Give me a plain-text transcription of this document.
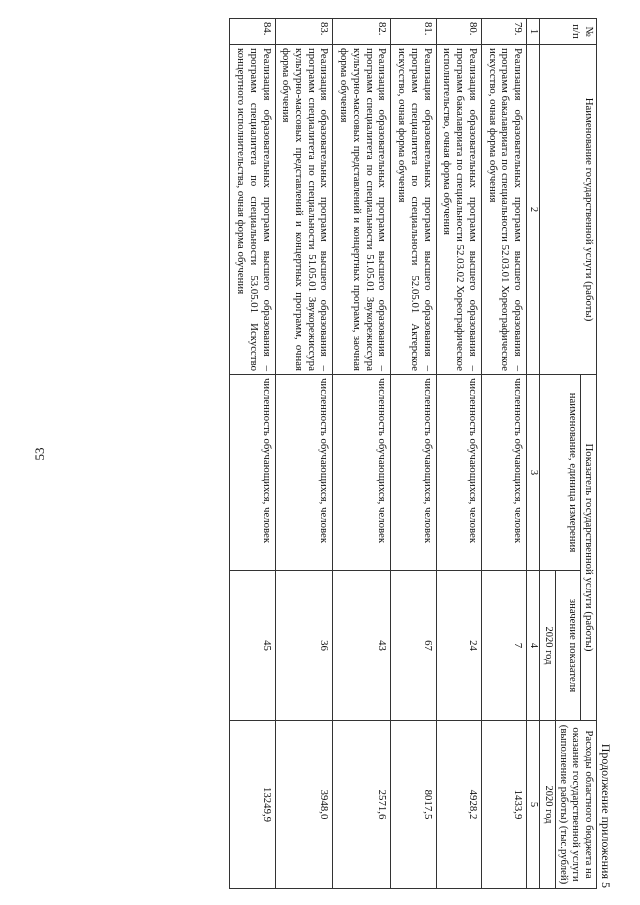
53
Продолжение приложения 5
№ п/п	Наименование государственной услуги (работы)	Показатель государственной услуги (работы)		Расходы областного бюджета на оказание государственной услуги (выполнение работы) (тыс.рублей)
		наименование, единица измерения	значение показателя	
			2020 год	2020 год
1	2	3	4	5
79.	Реализация образовательных программ высшего образования – программ бакалавриата по специальности 52.03.01 Хореографическое искусство, очная форма обучения	численность обучающихся, человек	7	1433,9
80.	Реализация образовательных программ высшего образования – программ бакалавриата по специальности 52.03.02 Хореографическое исполнительство, очная форма обучения	численность обучающихся, человек	24	4928,2
81.	Реализация образовательных программ высшего образования – программ специалитета по специальности 52.05.01 Актерское искусство, очная форма обучения	численность обучающихся, человек	67	8017,5
82.	Реализация образовательных программ высшего образования – программ специалитета по специальности 51.05.01 Звукорежиссура культурно-массовых представлений и концертных программ, заочная форма обучения	численность обучающихся, человек	43	2571,6
83.	Реализация образовательных программ высшего образования – программ специалитета по специальности 51.05.01 Звукорежиссура культурно-массовых представлений и концертных программ, очная форма обучения	численность обучающихся, человек	36	3948,0
84.	Реализация образовательных программ высшего образования – программ специалитета по специальности 53.05.01 Искусство концертного исполнительства, очная форма обучения	численность обучающихся, человек	45	13249,9
